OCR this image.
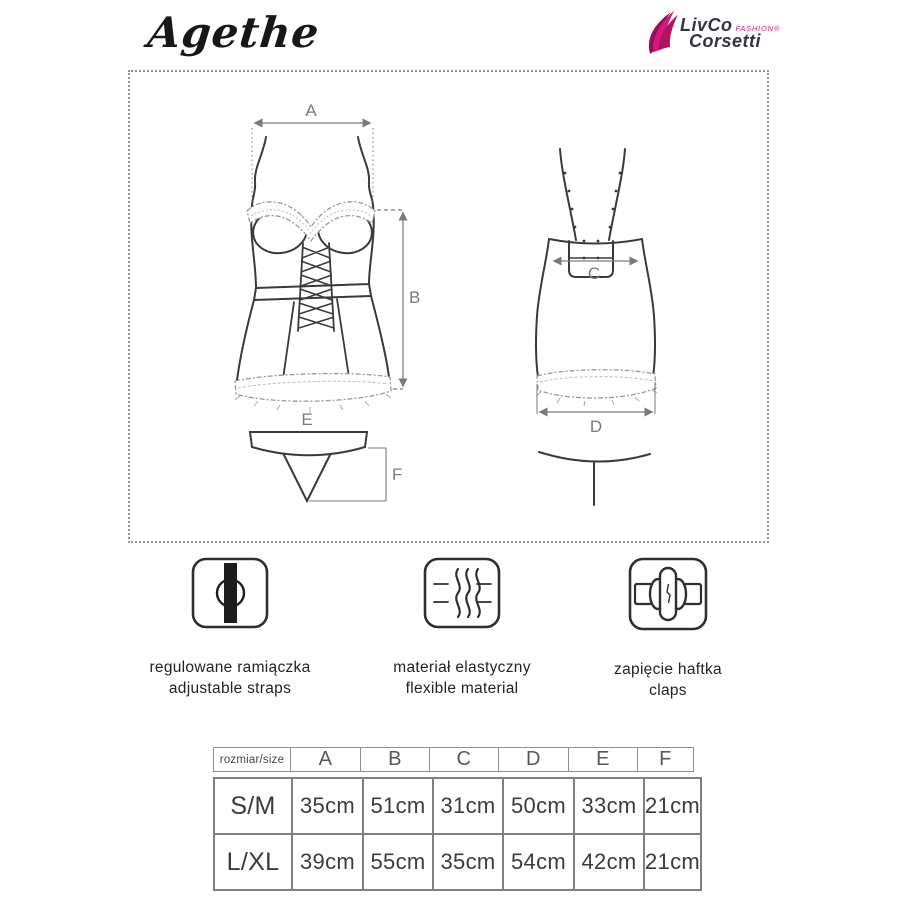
Agethe	LivCo FASHION®
Corsetti
A
B
E
F
C
D
regulowane ramiączka
adjustable straps
materiał elastyczny
flexible material
zapięcie haftka
claps
rozmiar/size	A	B	C	D	E	F
S/M	35cm	51cm	31cm	50cm	33cm	21cm
L/XL	39cm	55cm	35cm	54cm	42cm	21cm
